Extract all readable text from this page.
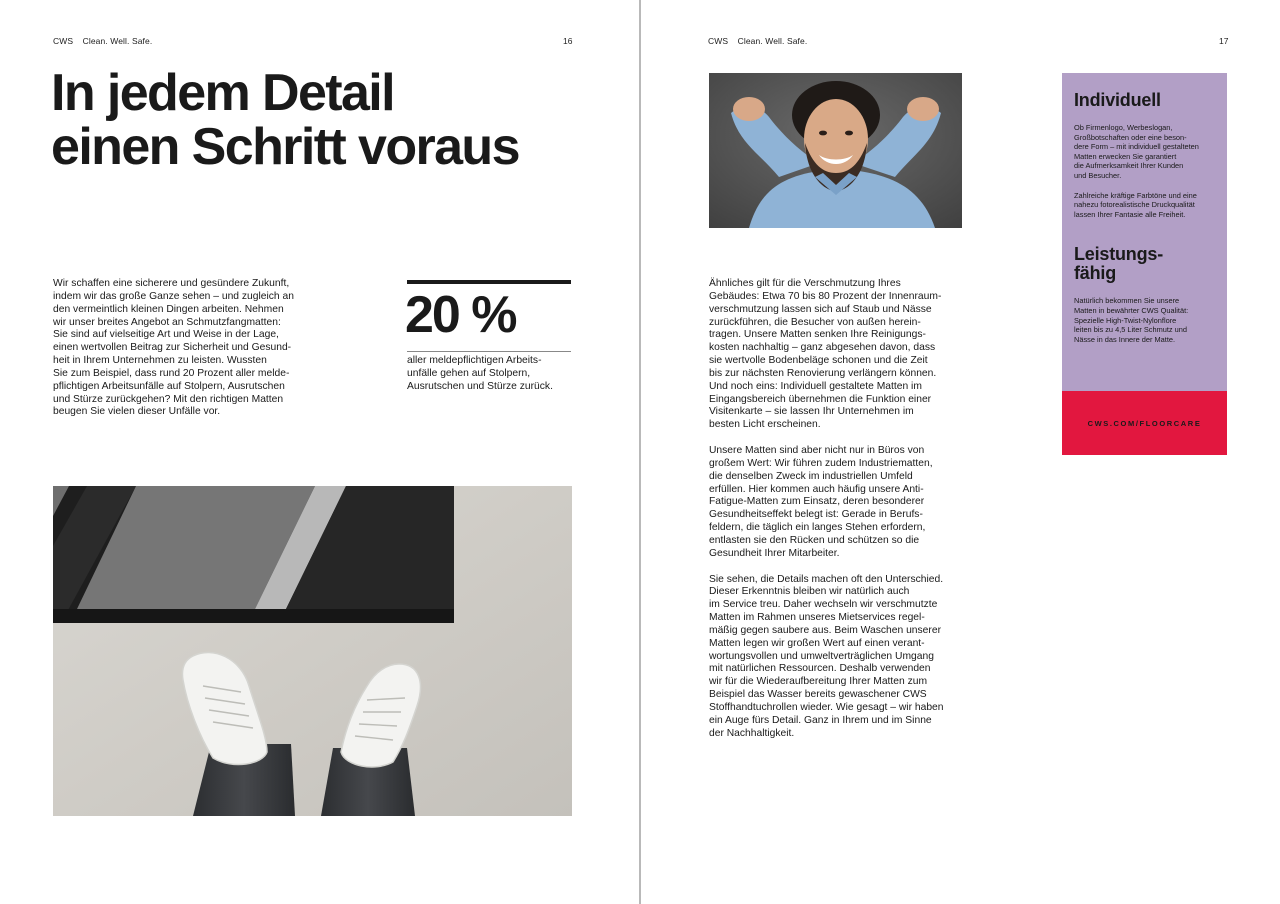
CWS Clean. Well. Safe.	16
In jedem Detail
einen Schritt voraus

Wir schaffen eine sicherere und gesündere Zukunft,
indem wir das große Ganze sehen – und zugleich an
den vermeintlich kleinen Dingen arbeiten. Nehmen
wir unser breites Angebot an Schmutzfangmatten:
Sie sind auf vielseitige Art und Weise in der Lage,
einen wertvollen Beitrag zur Sicherheit und Gesund-
heit in Ihrem Unternehmen zu leisten. Wussten
Sie zum Beispiel, dass rund 20 Prozent aller melde-
pflichtigen Arbeitsunfälle auf Stolpern, Ausrutschen
und Stürze zurückgehen? Mit den richtigen Matten
beugen Sie vielen dieser Unfälle vor.

20 %
aller meldepflichtigen Arbeits-
unfälle gehen auf Stolpern,
Ausrutschen und Stürze zurück.
CWS Clean. Well. Safe.	17

Ähnliches gilt für die Verschmutzung Ihres
Gebäudes: Etwa 70 bis 80 Prozent der Innenraum-
verschmutzung lassen sich auf Staub und Nässe
zurückführen, die Besucher von außen herein-
tragen. Unsere Matten senken Ihre Reinigungs-
kosten nachhaltig – ganz abgesehen davon, dass
sie wertvolle Bodenbeläge schonen und die Zeit
bis zur nächsten Renovierung verlängern können.
Und noch eins: Individuell gestaltete Matten im
Eingangsbereich übernehmen die Funktion einer
Visitenkarte – sie lassen Ihr Unternehmen im
besten Licht erscheinen.

Unsere Matten sind aber nicht nur in Büros von
großem Wert: Wir führen zudem Industriematten,
die denselben Zweck im industriellen Umfeld
erfüllen. Hier kommen auch häufig unsere Anti-
Fatigue-Matten zum Einsatz, deren besonderer
Gesundheitseffekt belegt ist: Gerade in Berufs-
feldern, die täglich ein langes Stehen erfordern,
entlasten sie den Rücken und schützen so die
Gesundheit Ihrer Mitarbeiter.

Sie sehen, die Details machen oft den Unterschied.
Dieser Erkenntnis bleiben wir natürlich auch
im Service treu. Daher wechseln wir verschmutzte
Matten im Rahmen unseres Mietservices regel-
mäßig gegen saubere aus. Beim Waschen unserer
Matten legen wir großen Wert auf einen verant-
wortungsvollen und umweltverträglichen Umgang
mit natürlichen Ressourcen. Deshalb verwenden
wir für die Wiederaufbereitung Ihrer Matten zum
Beispiel das Wasser bereits gewaschener CWS
Stoffhandtuchrollen wieder. Wie gesagt – wir haben
ein Auge fürs Detail. Ganz in Ihrem und im Sinne
der Nachhaltigkeit.

Individuell
Ob Firmenlogo, Werbeslogan,
Großbotschaften oder eine beson-
dere Form – mit individuell gestalteten
Matten erwecken Sie garantiert
die Aufmerksamkeit Ihrer Kunden
und Besucher.
Zahlreiche kräftige Farbtöne und eine
nahezu fotorealistische Druckqualität
lassen Ihrer Fantasie alle Freiheit.
Leistungs-
fähig
Natürlich bekommen Sie unsere
Matten in bewährter CWS Qualität:
Spezielle High-Twist-Nylonflore
leiten bis zu 4,5 Liter Schmutz und
Nässe in das Innere der Matte.
CWS.COM/FLOORCARE
